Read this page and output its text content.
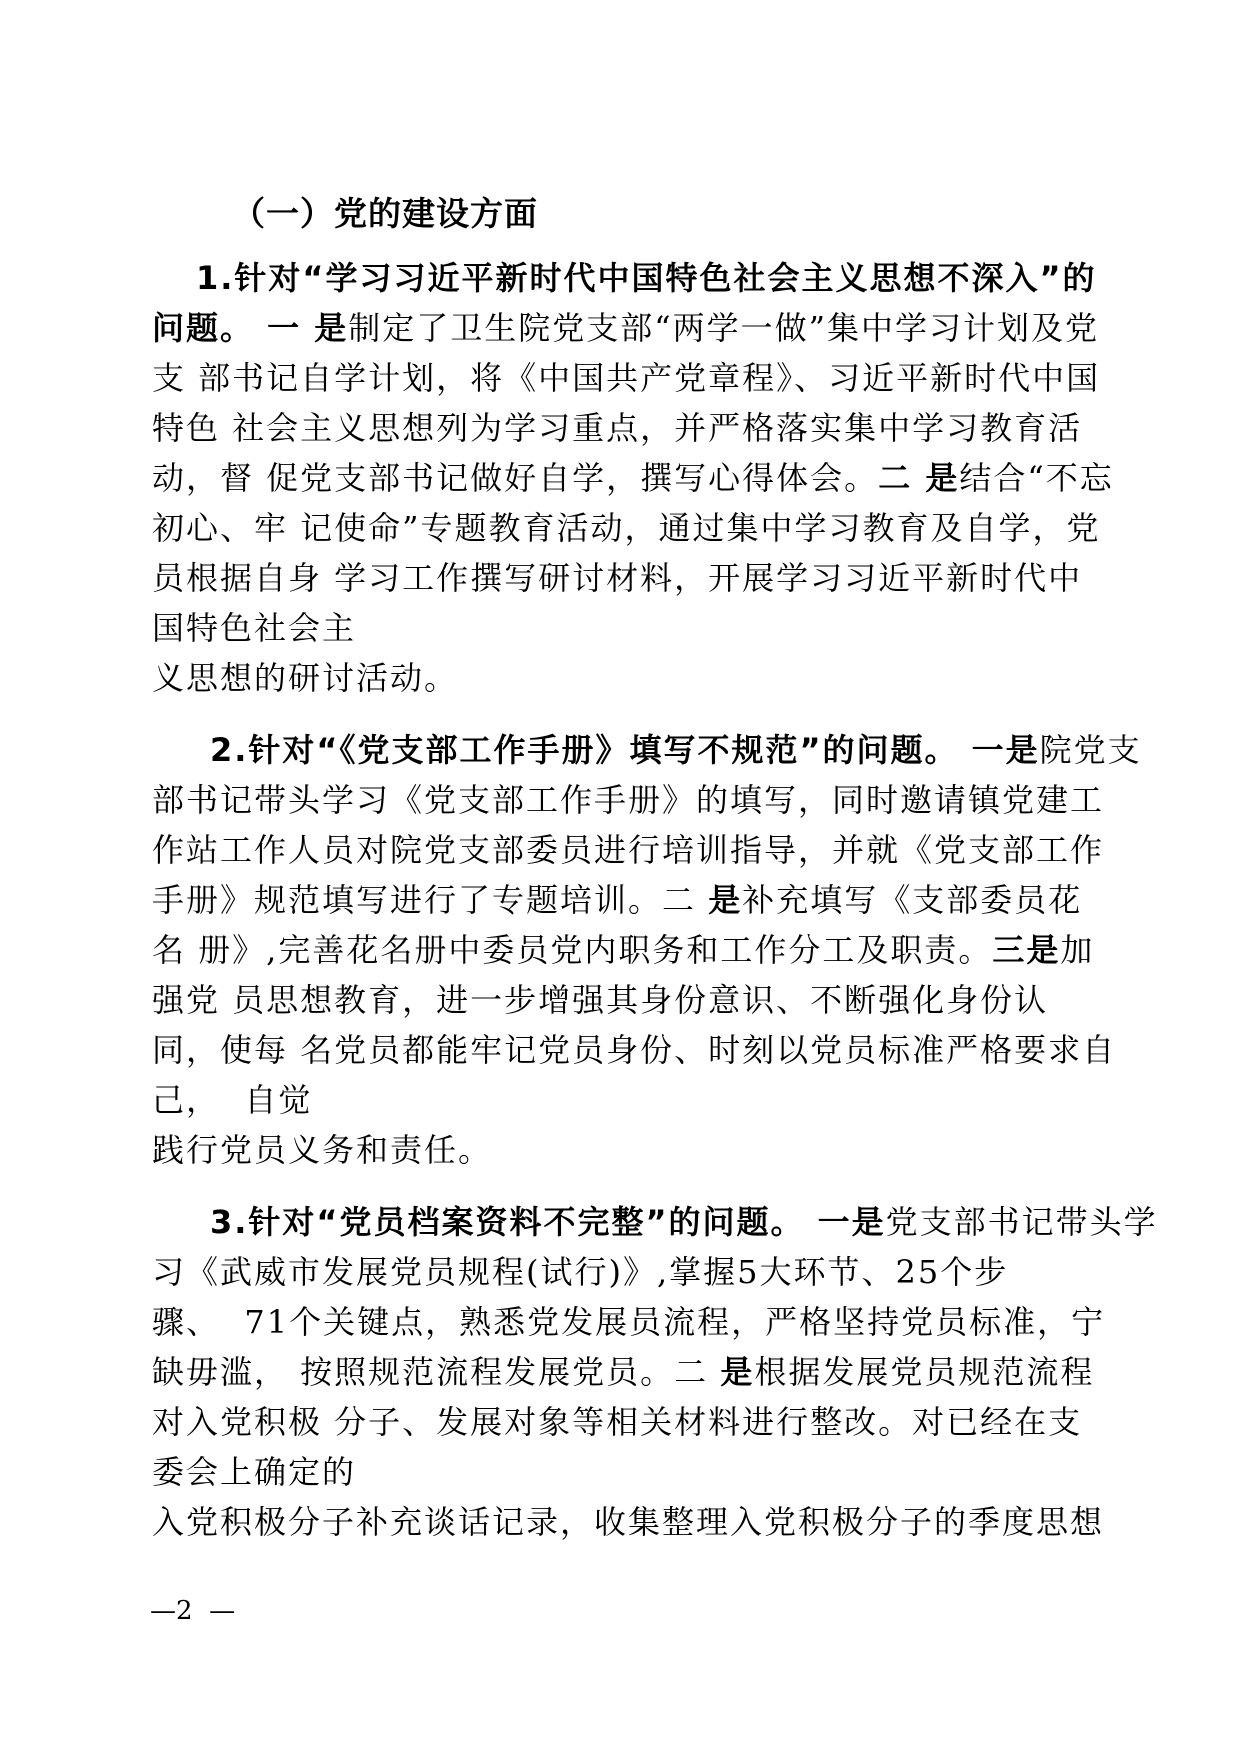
（一）党的建设方面
1.针对“学习习近平新时代中国特色社会主义思想不深入”的
问题。 一 是制定了卫生院党支部“两学一做”集中学习计划及党
支 部书记自学计划，将《中国共产党章程》、习近平新时代中国
特色 社会主义思想列为学习重点，并严格落实集中学习教育活
动，督 促党支部书记做好自学，撰写心得体会。二 是结合“不忘
初心、牢 记使命”专题教育活动，通过集中学习教育及自学，党
员根据自身 学习工作撰写研讨材料，开展学习习近平新时代中
国特色社会主
义思想的研讨活动。
2.针对“《党支部工作手册》填写不规范”的问题。 一是院党支
部书记带头学习《党支部工作手册》的填写，同时邀请镇党建工
作站工作人员对院党支部委员进行培训指导，并就《党支部工作
手册》规范填写进行了专题培训。二 是补充填写《支部委员花
名 册》,完善花名册中委员党内职务和工作分工及职责。三是加
强党 员思想教育，进一步增强其身份意识、不断强化身份认
同，使每 名党员都能牢记党员身份、时刻以党员标准严格要求自
己，  自觉
践行党员义务和责任。
3.针对“党员档案资料不完整”的问题。 一是党支部书记带头学
习《武威市发展党员规程(试行)》,掌握5大环节、25个步
骤、  71个关键点，熟悉党发展员流程，严格坚持党员标准，宁
缺毋滥， 按照规范流程发展党员。二 是根据发展党员规范流程
对入党积极 分子、发展对象等相关材料进行整改。对已经在支
委会上确定的
入党积极分子补充谈话记录，收集整理入党积极分子的季度思想
—2  —
